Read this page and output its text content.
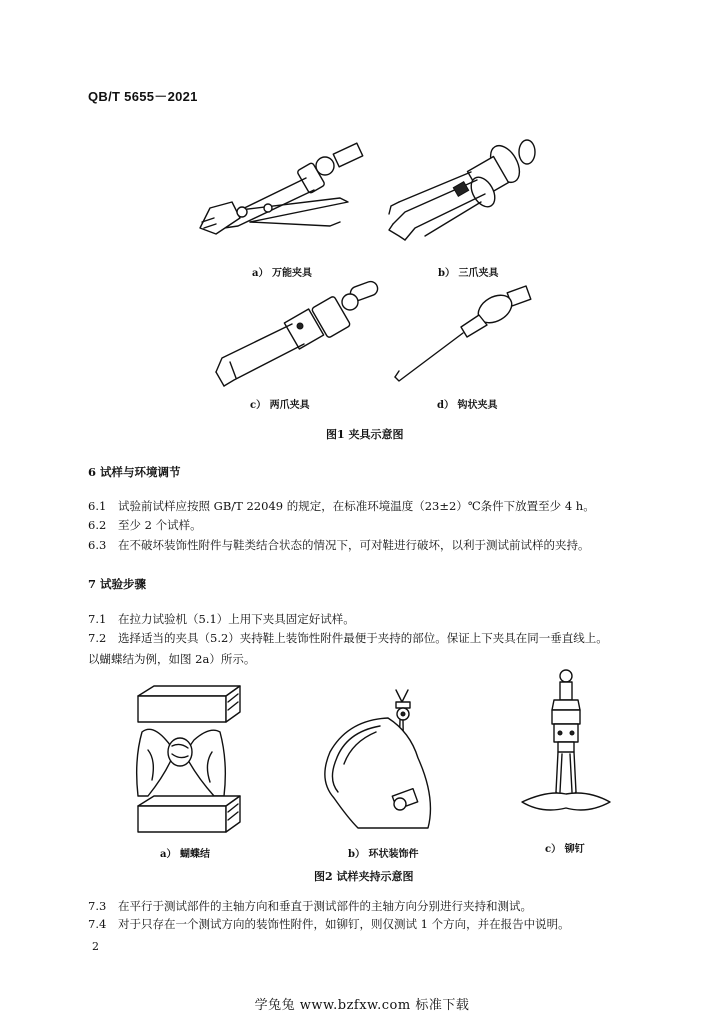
QB/T 5655－2021
a） 万能夹具	b） 三爪夹具
c） 两爪夹具	d） 钩状夹具
图1 夹具示意图
6 试样与环境调节
6.1 试验前试样应按照 GB/T 22049 的规定，在标准环境温度（23±2）℃条件下放置至少 4 h。
6.2 至少 2 个试样。
6.3 在不破坏装饰性附件与鞋类结合状态的情况下，可对鞋进行破坏，以利于测试前试样的夹持。
7 试验步骤
7.1 在拉力试验机（5.1）上用下夹具固定好试样。
7.2 选择适当的夹具（5.2）夹持鞋上装饰性附件最便于夹持的部位。保证上下夹具在同一垂直线上。
以蝴蝶结为例，如图 2a）所示。
a） 蝴蝶结	b） 环状装饰件	c） 铆钉
图2 试样夹持示意图
7.3 在平行于测试部件的主轴方向和垂直于测试部件的主轴方向分别进行夹持和测试。
7.4 对于只存在一个测试方向的装饰性附件，如铆钉，则仅测试 1 个方向，并在报告中说明。
2
学兔兔 www.bzfxw.com 标准下载
